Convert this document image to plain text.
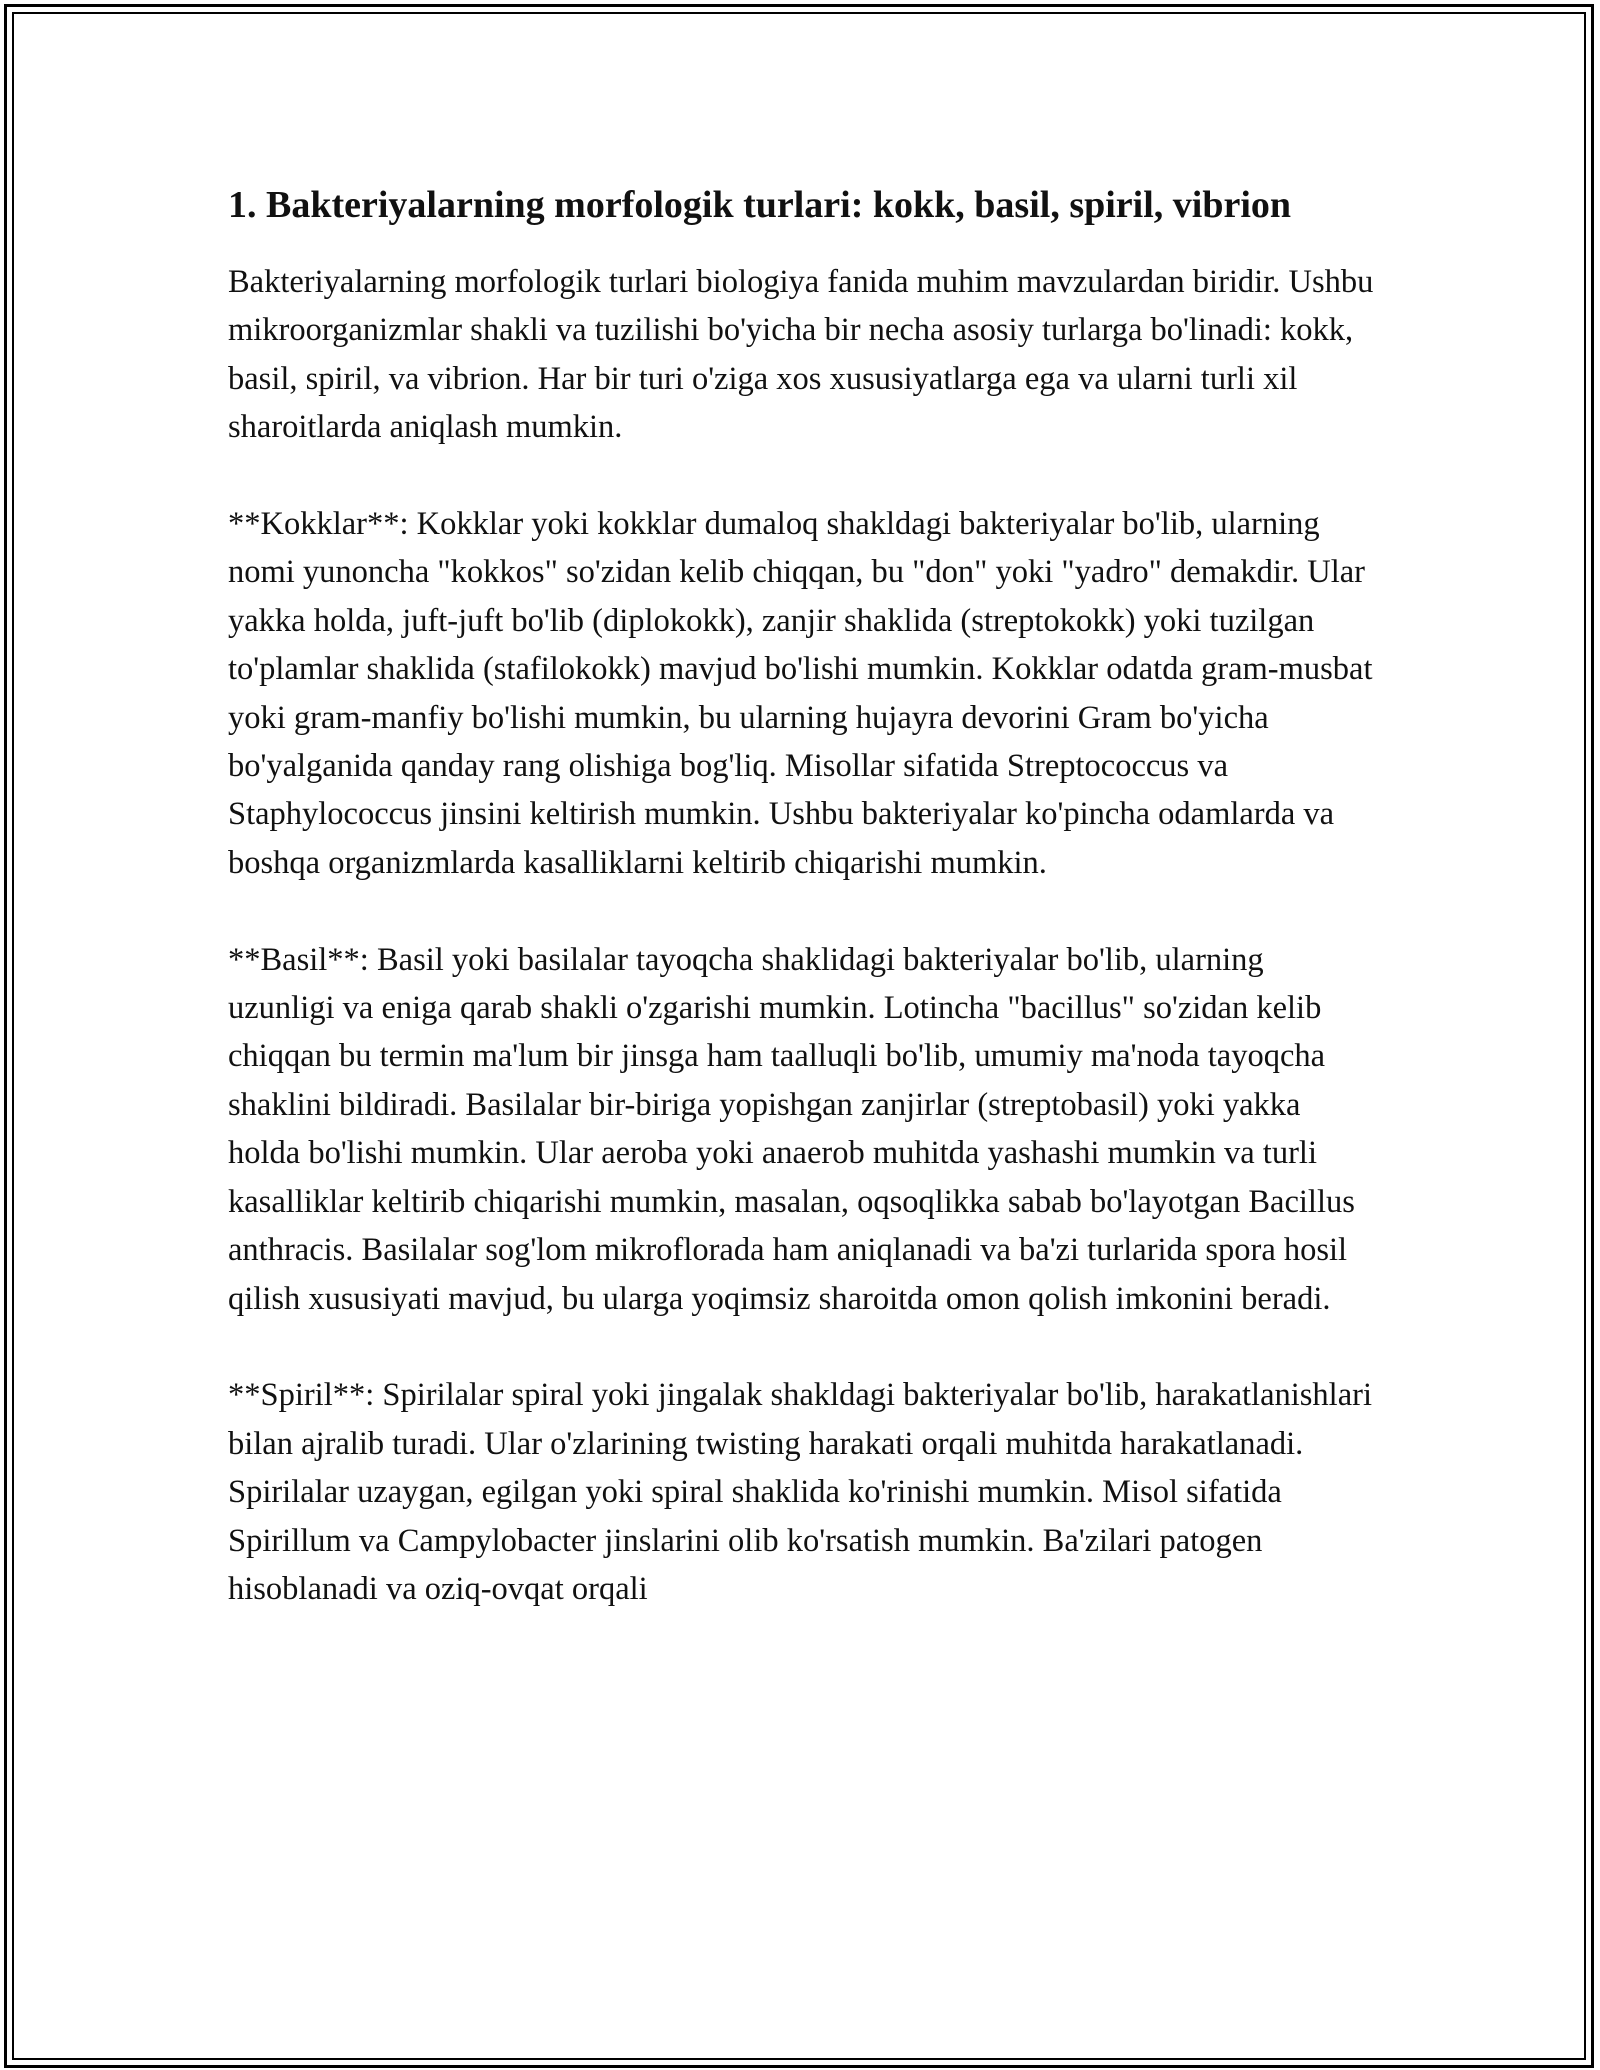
1. Bakteriyalarning morfologik turlari: kokk, basil, spiril, vibrion

Bakteriyalarning morfologik turlari biologiya fanida muhim mavzulardan biridir. Ushbu mikroorganizmlar shakli va tuzilishi bo'yicha bir necha asosiy turlarga bo'linadi: kokk, basil, spiril, va vibrion. Har bir turi o'ziga xos xususiyatlarga ega va ularni turli xil sharoitlarda aniqlash mumkin.

**Kokklar**: Kokklar yoki kokklar dumaloq shakldagi bakteriyalar bo'lib, ularning nomi yunoncha "kokkos" so'zidan kelib chiqqan, bu "don" yoki "yadro" demakdir. Ular yakka holda, juft-juft bo'lib (diplokokk), zanjir shaklida (streptokokk) yoki tuzilgan to'plamlar shaklida (stafilokokk) mavjud bo'lishi mumkin. Kokklar odatda gram-musbat yoki gram-manfiy bo'lishi mumkin, bu ularning hujayra devorini Gram bo'yicha bo'yalganida qanday rang olishiga bog'liq. Misollar sifatida Streptococcus va Staphylococcus jinsini keltirish mumkin. Ushbu bakteriyalar ko'pincha odamlarda va boshqa organizmlarda kasalliklarni keltirib chiqarishi mumkin.

**Basil**: Basil yoki basilalar tayoqcha shaklidagi bakteriyalar bo'lib, ularning uzunligi va eniga qarab shakli o'zgarishi mumkin. Lotincha "bacillus" so'zidan kelib chiqqan bu termin ma'lum bir jinsga ham taalluqli bo'lib, umumiy ma'noda tayoqcha shaklini bildiradi. Basilalar bir-biriga yopishgan zanjirlar (streptobasil) yoki yakka holda bo'lishi mumkin. Ular aeroba yoki anaerob muhitda yashashi mumkin va turli kasalliklar keltirib chiqarishi mumkin, masalan, oqsoqlikka sabab bo'layotgan Bacillus anthracis. Basilalar sog'lom mikroflorada ham aniqlanadi va ba'zi turlarida spora hosil qilish xususiyati mavjud, bu ularga yoqimsiz sharoitda omon qolish imkonini beradi.

**Spiril**: Spirilalar spiral yoki jingalak shakldagi bakteriyalar bo'lib, harakatlanishlari bilan ajralib turadi. Ular o'zlarining twisting harakati orqali muhitda harakatlanadi. Spirilalar uzaygan, egilgan yoki spiral shaklida ko'rinishi mumkin. Misol sifatida Spirillum va Campylobacter jinslarini olib ko'rsatish mumkin. Ba'zilari patogen hisoblanadi va oziq-ovqat orqali
